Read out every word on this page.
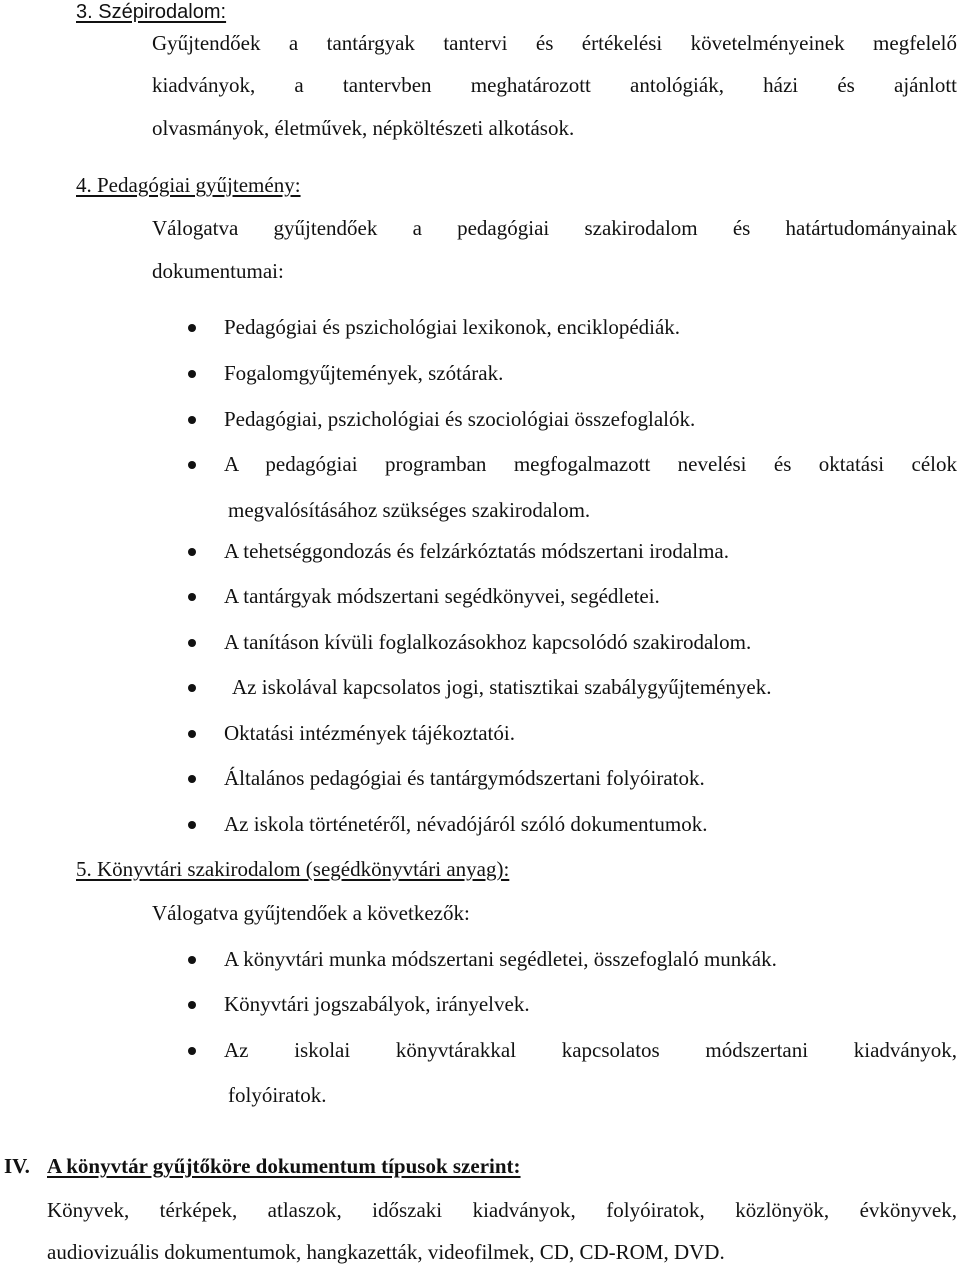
3. Szépirodalom:
Gyűjtendőek a tantárgyak tantervi és értékelési követelményeinek megfelelő
kiadványok, a tantervben meghatározott antológiák, házi és ajánlott
olvasmányok, életművek, népköltészeti alkotások.
4. Pedagógiai gyűjtemény:
Válogatva gyűjtendőek a pedagógiai szakirodalom és határtudományainak
dokumentumai:
Pedagógiai és pszichológiai lexikonok, enciklopédiák.
Fogalomgyűjtemények, szótárak.
Pedagógiai, pszichológiai és szociológiai összefoglalók.
A pedagógiai programban megfogalmazott nevelési és oktatási célok
megvalósításához szükséges szakirodalom.
A tehetséggondozás és felzárkóztatás módszertani irodalma.
A tantárgyak módszertani segédkönyvei, segédletei.
A tanításon kívüli foglalkozásokhoz kapcsolódó szakirodalom.
Az iskolával kapcsolatos jogi, statisztikai szabálygyűjtemények.
Oktatási intézmények tájékoztatói.
Általános pedagógiai és tantárgymódszertani folyóiratok.
Az iskola történetéről, névadójáról szóló dokumentumok.
5. Könyvtári szakirodalom (segédkönyvtári anyag):
Válogatva gyűjtendőek a következők:
A könyvtári munka módszertani segédletei, összefoglaló munkák.
Könyvtári jogszabályok, irányelvek.
Az iskolai könyvtárakkal kapcsolatos módszertani kiadványok,
folyóiratok.
IV. A könyvtár gyűjtőköre dokumentum típusok szerint:
Könyvek, térképek, atlaszok, időszaki kiadványok, folyóiratok, közlönyök, évkönyvek,
audiovizuális dokumentumok, hangkazetták, videofilmek, CD, CD-ROM, DVD.
